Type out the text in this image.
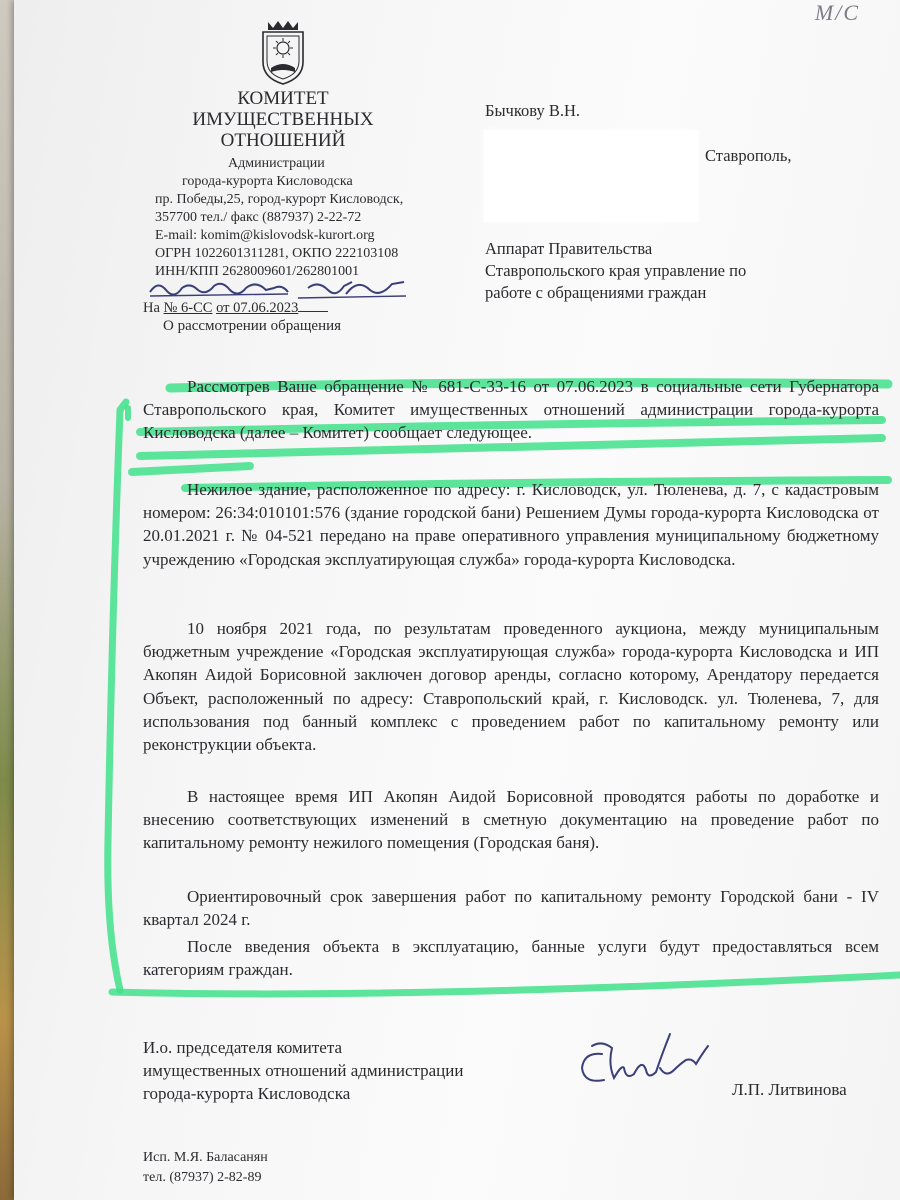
M/C
КОМИТЕТ
ИМУЩЕСТВЕННЫХ
ОТНОШЕНИЙ
Администрации
города-курорта Кисловодска
пр. Победы,25, город-курорт Кисловодск,
357700 тел./ факс (887937) 2-22-72
E-mail: komim@kislovodsk-kurort.org
ОГРН 1022601311281, ОКПО 222103108
ИНН/КПП 2628009601/262801001
На № 6-СС от 07.06.2023
О рассмотрении обращения
Бычкову В.Н.
Ставрополь,
Аппарат Правительства
Ставропольского края управление по
работе с обращениями граждан
Рассмотрев Ваше обращение № 681-С-33-16 от 07.06.2023 в социальные сети Губернатора Ставропольского края, Комитет имущественных отношений администрации города-курорта Кисловодска (далее – Комитет) сообщает следующее.
Нежилое здание, расположенное по адресу: г. Кисловодск, ул. Тюленева, д. 7, с кадастровым номером: 26:34:010101:576 (здание городской бани) Решением Думы города-курорта Кисловодска от 20.01.2021 г. № 04-521 передано на праве оперативного управления муниципальному бюджетному учреждению «Городская эксплуатирующая служба» города-курорта Кисловодска.
10 ноября 2021 года, по результатам проведенного аукциона, между муниципальным бюджетным учреждение «Городская эксплуатирующая служба» города-курорта Кисловодска и ИП Акопян Аидой Борисовной заключен договор аренды, согласно которому, Арендатору передается Объект, расположенный по адресу: Ставропольский край, г. Кисловодск. ул. Тюленева, 7, для использования под банный комплекс с проведением работ по капитальному ремонту или реконструкции объекта.
В настоящее время ИП Акопян Аидой Борисовной проводятся работы по доработке и внесению соответствующих изменений в сметную документацию на проведение работ по капитальному ремонту нежилого помещения (Городская баня).
Ориентировочный срок завершения работ по капитальному ремонту Городской бани - IV квартал 2024 г.
После введения объекта в эксплуатацию, банные услуги будут предоставляться всем категориям граждан.
И.о. председателя комитета
имущественных отношений администрации
города-курорта Кисловодска	Л.П. Литвинова
Исп. М.Я. Баласанян
тел. (87937) 2-82-89
